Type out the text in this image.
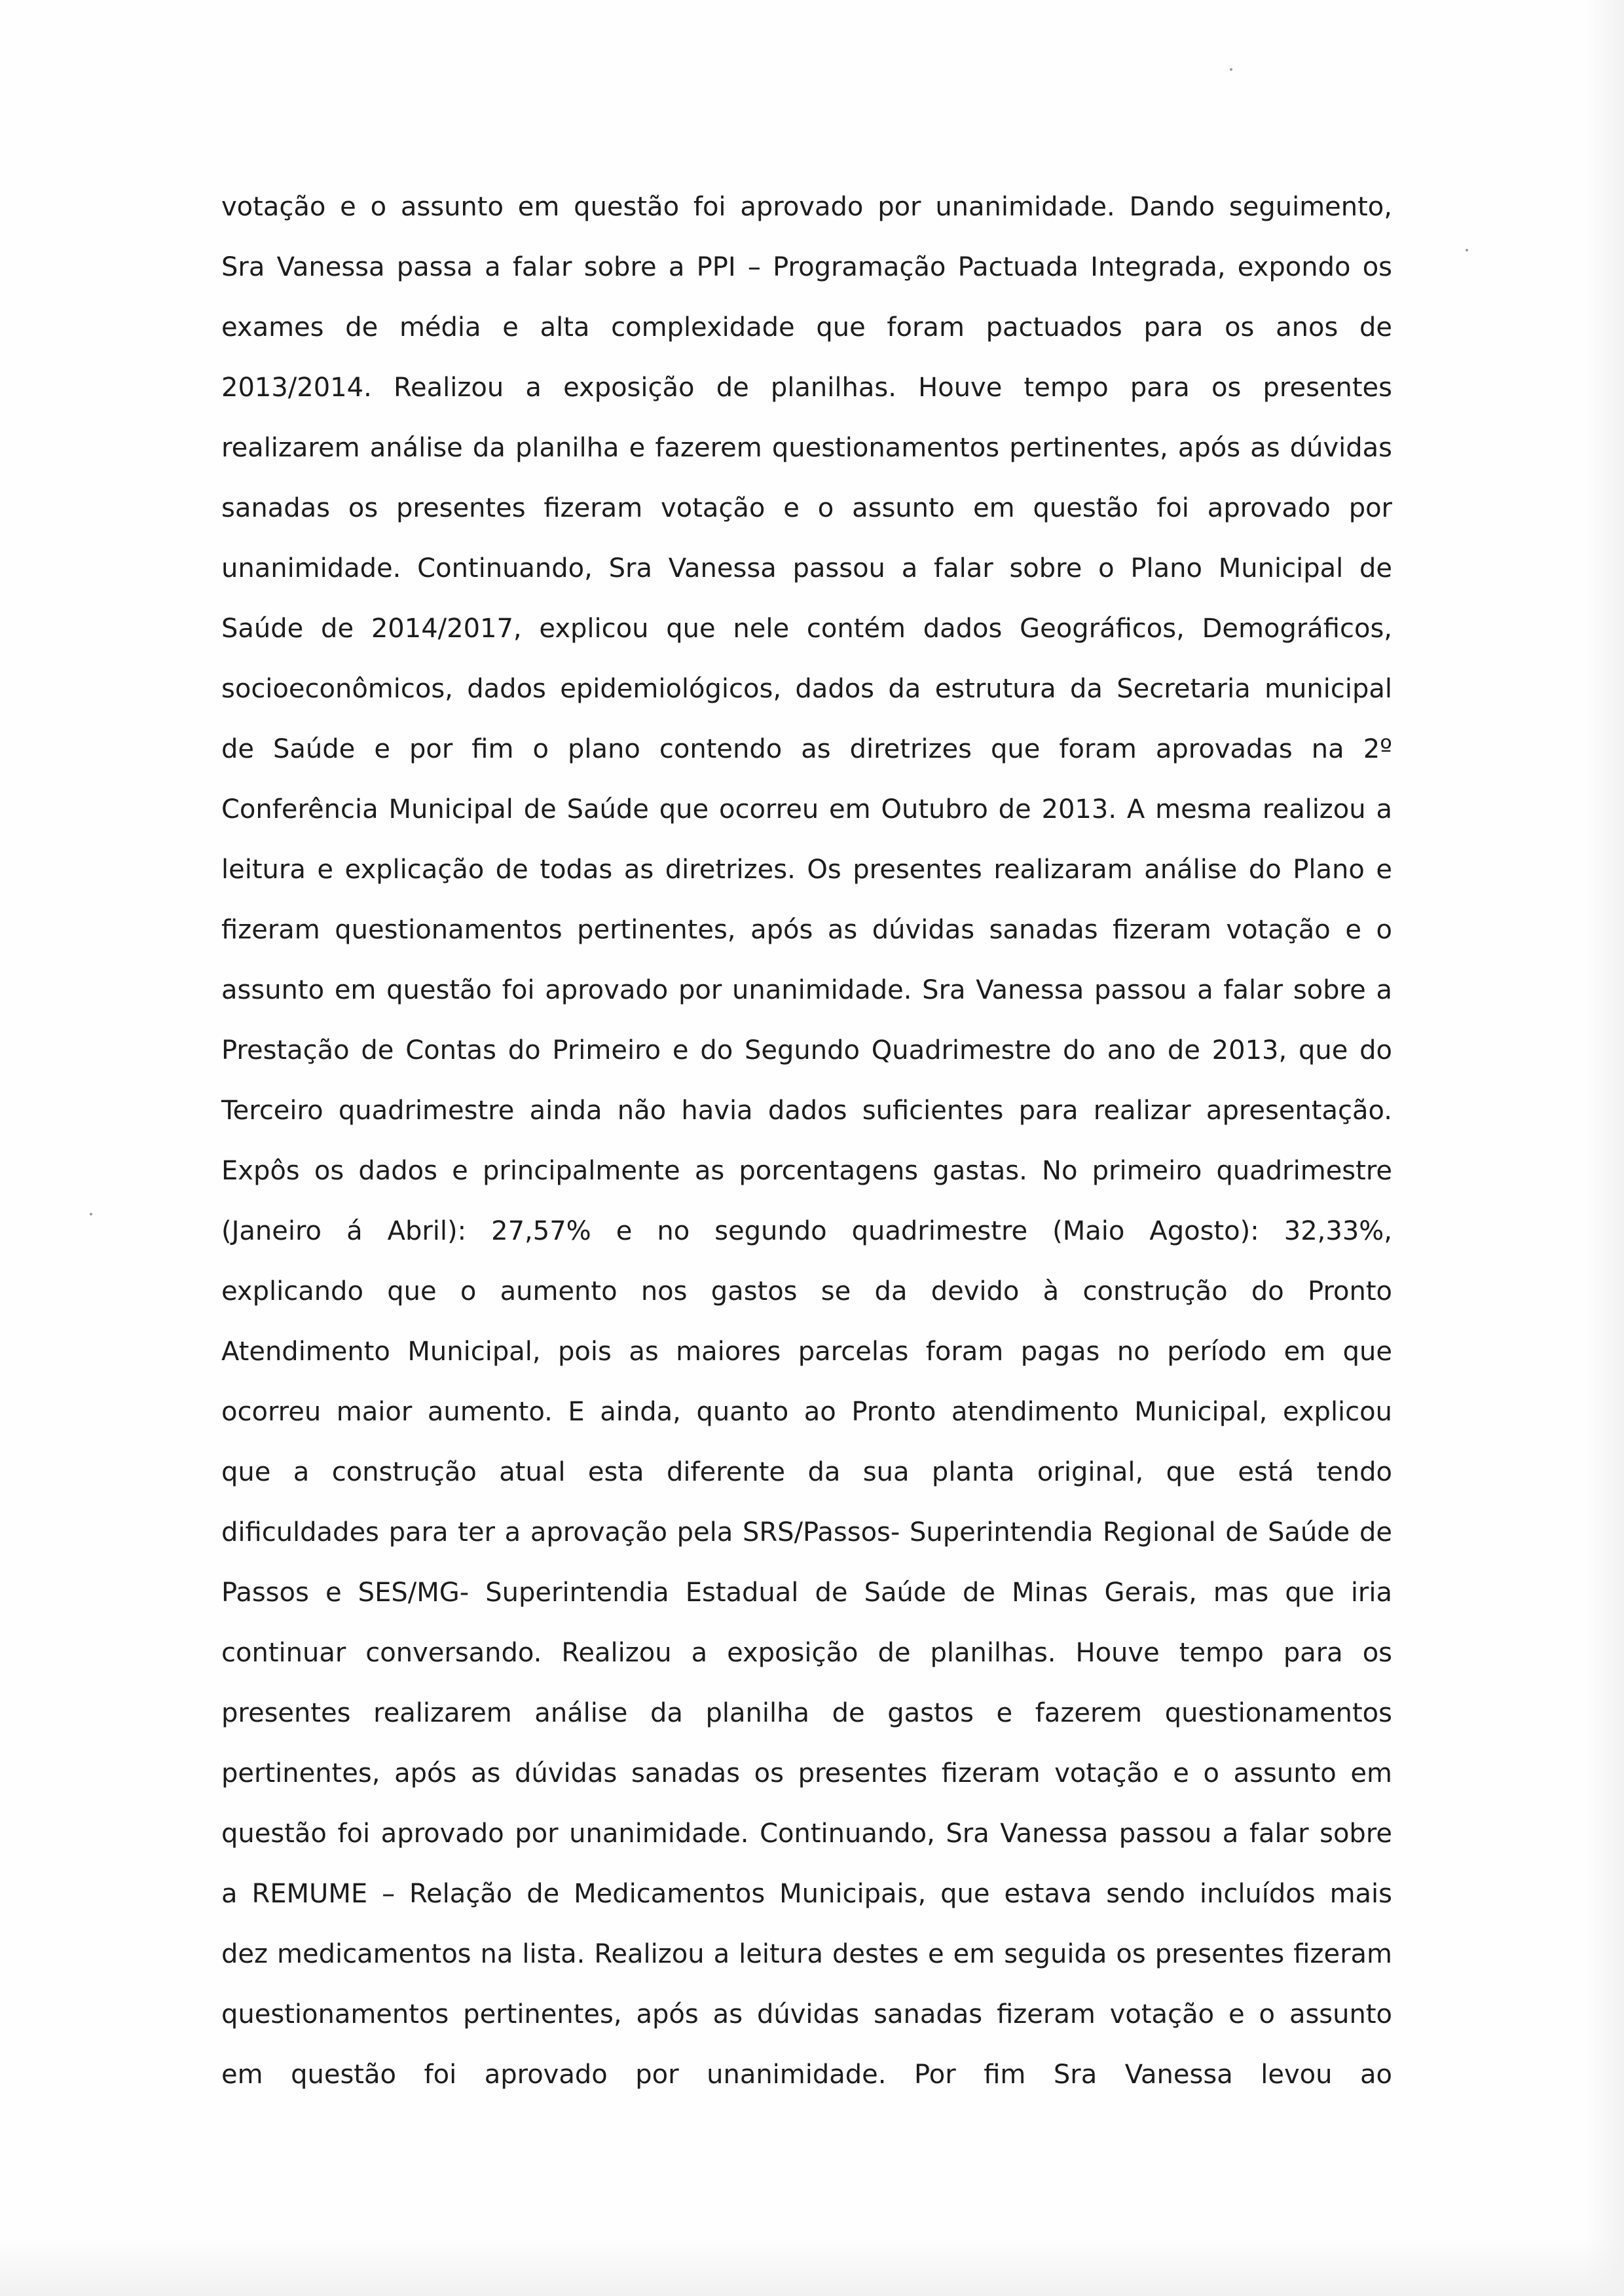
votação e o assunto em questão foi aprovado por unanimidade. Dando seguimento,
Sra Vanessa passa a falar sobre a PPI – Programação Pactuada Integrada, expondo os
exames de média e alta complexidade que foram pactuados para os anos de
2013/2014. Realizou a exposição de planilhas. Houve tempo para os presentes
realizarem análise da planilha e fazerem questionamentos pertinentes, após as dúvidas
sanadas os presentes fizeram votação e o assunto em questão foi aprovado por
unanimidade. Continuando, Sra Vanessa passou a falar sobre o Plano Municipal de
Saúde de 2014/2017, explicou que nele contém dados Geográficos, Demográficos,
socioeconômicos, dados epidemiológicos, dados da estrutura da Secretaria municipal
de Saúde e por fim o plano contendo as diretrizes que foram aprovadas na 2º
Conferência Municipal de Saúde que ocorreu em Outubro de 2013. A mesma realizou a
leitura e explicação de todas as diretrizes. Os presentes realizaram análise do Plano e
fizeram questionamentos pertinentes, após as dúvidas sanadas fizeram votação e o
assunto em questão foi aprovado por unanimidade. Sra Vanessa passou a falar sobre a
Prestação de Contas do Primeiro e do Segundo Quadrimestre do ano de 2013, que do
Terceiro quadrimestre ainda não havia dados suficientes para realizar apresentação.
Expôs os dados e principalmente as porcentagens gastas. No primeiro quadrimestre
(Janeiro á Abril): 27,57% e no segundo quadrimestre (Maio Agosto): 32,33%,
explicando que o aumento nos gastos se da devido à construção do Pronto
Atendimento Municipal, pois as maiores parcelas foram pagas no período em que
ocorreu maior aumento. E ainda, quanto ao Pronto atendimento Municipal, explicou
que a construção atual esta diferente da sua planta original, que está tendo
dificuldades para ter a aprovação pela SRS/Passos- Superintendia Regional de Saúde de
Passos e SES/MG- Superintendia Estadual de Saúde de Minas Gerais, mas que iria
continuar conversando. Realizou a exposição de planilhas. Houve tempo para os
presentes realizarem análise da planilha de gastos e fazerem questionamentos
pertinentes, após as dúvidas sanadas os presentes fizeram votação e o assunto em
questão foi aprovado por unanimidade. Continuando, Sra Vanessa passou a falar sobre
a REMUME – Relação de Medicamentos Municipais, que estava sendo incluídos mais
dez medicamentos na lista. Realizou a leitura destes e em seguida os presentes fizeram
questionamentos pertinentes, após as dúvidas sanadas fizeram votação e o assunto
em questão foi aprovado por unanimidade. Por fim Sra Vanessa levou ao
